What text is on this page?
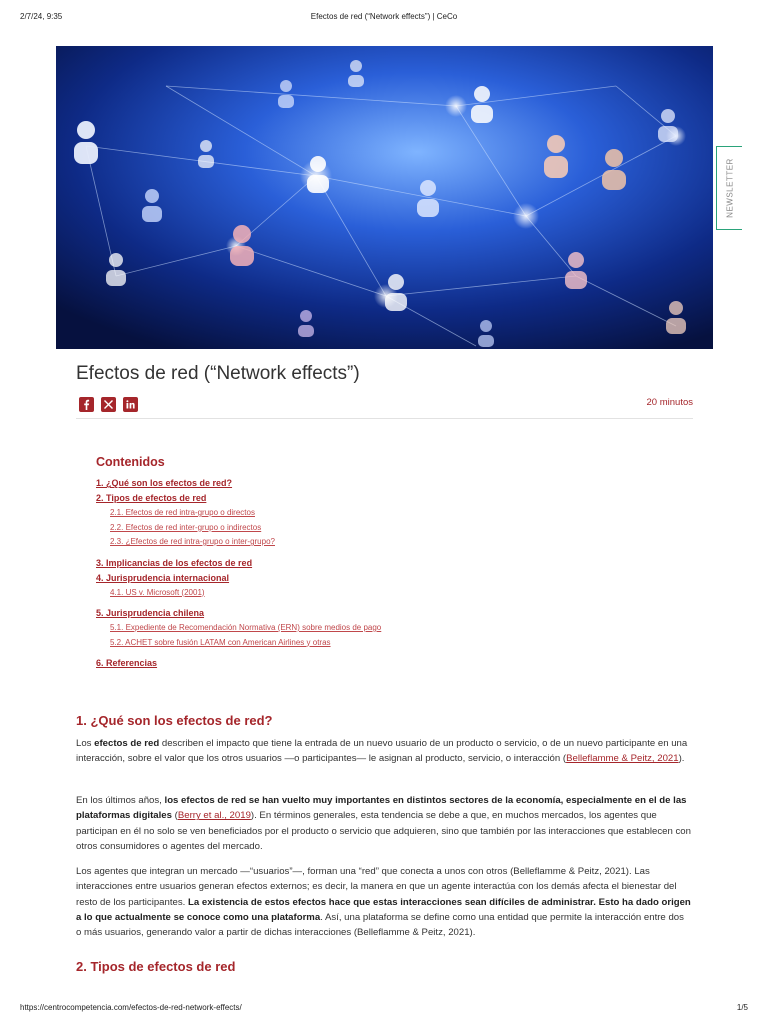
2/7/24, 9:35	Efectos de red (“Network effects”) | CeCo
NEWSLETTER
Efectos de red (“Network effects”)
20 minutos

Contenidos

1. ¿Qué son los efectos de red?
2. Tipos de efectos de red
2.1. Efectos de red intra-grupo o directos
2.2. Efectos de red inter-grupo o indirectos
2.3. ¿Efectos de red intra-grupo o inter-grupo?
3. Implicancias de los efectos de red
4. Jurisprudencia internacional
4.1. US v. Microsoft (2001)
5. Jurisprudencia chilena
5.1. Expediente de Recomendación Normativa (ERN) sobre medios de pago
5.2. ACHET sobre fusión LATAM con American Airlines y otras
6. Referencias
1. ¿Qué son los efectos de red?

Los efectos de red describen el impacto que tiene la entrada de un nuevo usuario de un producto o servicio, o de un nuevo participante en una interacción, sobre el valor que los otros usuarios —o participantes— le asignan al producto, servicio, o interacción (Belleflamme & Peitz, 2021).

En los últimos años, los efectos de red se han vuelto muy importantes en distintos sectores de la economía, especialmente en el de las plataformas digitales (Berry et al., 2019). En términos generales, esta tendencia se debe a que, en muchos mercados, los agentes que participan en él no solo se ven beneficiados por el producto o servicio que adquieren, sino que también por las interacciones que establecen con otros consumidores o agentes del mercado.

Los agentes que integran un mercado —“usuarios”—, forman una “red” que conecta a unos con otros (Belleflamme & Peitz, 2021). Las interacciones entre usuarios generan efectos externos; es decir, la manera en que un agente interactúa con los demás afecta el bienestar del resto de los participantes. La existencia de estos efectos hace que estas interacciones sean difíciles de administrar. Esto ha dado origen a lo que actualmente se conoce como una plataforma. Así, una plataforma se define como una entidad que permite la interacción entre dos o más usuarios, generando valor a partir de dichas interacciones (Belleflamme & Peitz, 2021).

2. Tipos de efectos de red
https://centrocompetencia.com/efectos-de-red-network-effects/	1/5
